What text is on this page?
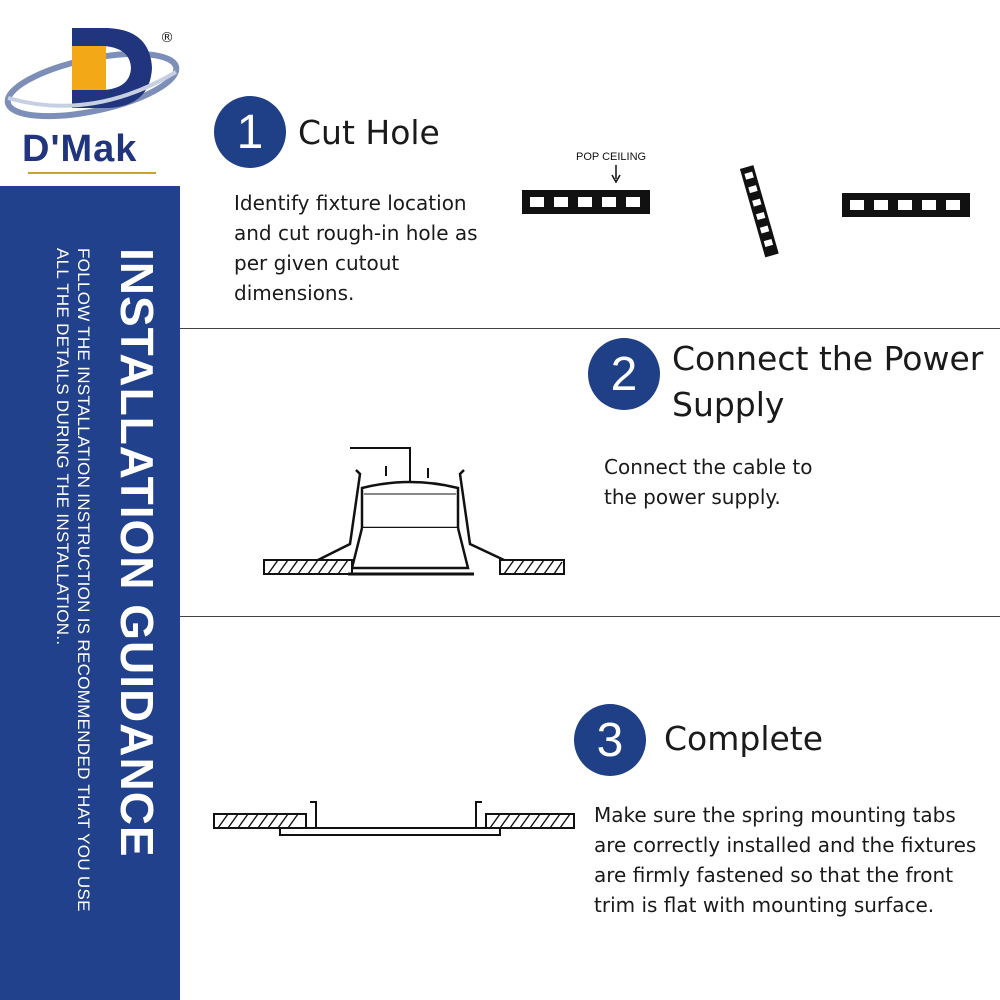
®
D'Mak
INSTALLATION GUIDANCE
FOLLOW THE INSTALLATION INSTRUCTION IS RECOMMENDED THAT YOU USE ALL THE DETAILS DURING THE INSTALLATION..
1	Cut Hole
Identify fixture location and cut rough-in hole as per given cutout dimensions.
POP CEILING
2	Connect the Power Supply
Connect the cable to the power supply.
3	Complete
Make sure the spring mounting tabs are correctly installed and the fixtures are firmly fastened so that the front trim is flat with mounting surface.
